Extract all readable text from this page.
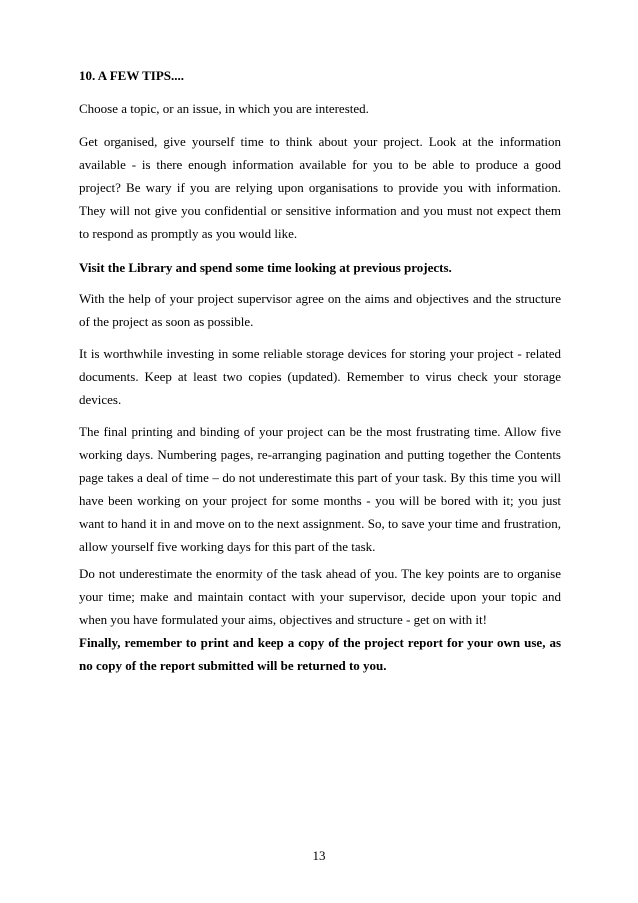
10. A FEW TIPS....

Choose a topic, or an issue, in which you are interested.

Get organised, give yourself time to think about your project. Look at the information available - is there enough information available for you to be able to produce a good project? Be wary if you are relying upon organisations to provide you with information. They will not give you confidential or sensitive information and you must not expect them to respond as promptly as you would like.

Visit the Library and spend some time looking at previous projects.

With the help of your project supervisor agree on the aims and objectives and the structure of the project as soon as possible.

It is worthwhile investing in some reliable storage devices for storing your project - related documents. Keep at least two copies (updated). Remember to virus check your storage devices.

The final printing and binding of your project can be the most frustrating time. Allow five working days. Numbering pages, re-arranging pagination and putting together the Contents page takes a deal of time – do not underestimate this part of your task. By this time you will have been working on your project for some months - you will be bored with it; you just want to hand it in and move on to the next assignment. So, to save your time and frustration, allow yourself five working days for this part of the task.

Do not underestimate the enormity of the task ahead of you. The key points are to organise your time; make and maintain contact with your supervisor, decide upon your topic and when you have formulated your aims, objectives and structure - get on with it!

Finally, remember to print and keep a copy of the project report for your own use, as no copy of the report submitted will be returned to you.

13
